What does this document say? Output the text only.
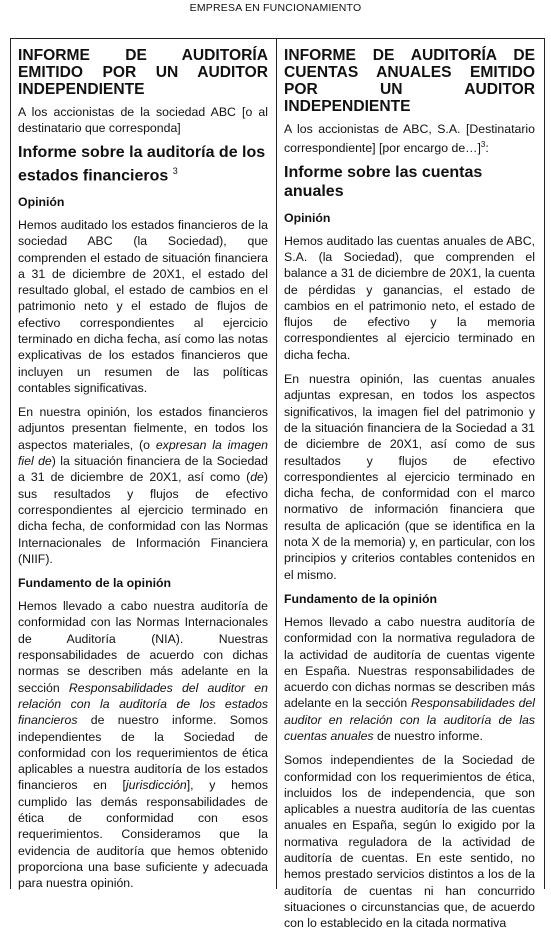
EMPRESA EN FUNCIONAMIENTO
INFORME DE AUDITORÍA EMITIDO POR UN AUDITOR INDEPENDIENTE
A los accionistas de la sociedad ABC [o al destinatario que corresponda]
Informe sobre la auditoría de los estados financieros $^3$
Opinión
Hemos auditado los estados financieros de la sociedad ABC (la Sociedad), que comprenden el estado de situación financiera a 31 de diciembre de 20X1, el estado del resultado global, el estado de cambios en el patrimonio neto y el estado de flujos de efectivo correspondientes al ejercicio terminado en dicha fecha, así como las notas explicativas de los estados financieros que incluyen un resumen de las políticas contables significativas.
En nuestra opinión, los estados financieros adjuntos presentan fielmente, en todos los aspectos materiales, (o expresan la imagen fiel de) la situación financiera de la Sociedad a 31 de diciembre de 20X1, así como (de) sus resultados y flujos de efectivo correspondientes al ejercicio terminado en dicha fecha, de conformidad con las Normas Internacionales de Información Financiera (NIIF).
Fundamento de la opinión
Hemos llevado a cabo nuestra auditoría de conformidad con las Normas Internacionales de Auditoría (NIA). Nuestras responsabilidades de acuerdo con dichas normas se describen más adelante en la sección Responsabilidades del auditor en relación con la auditoría de los estados financieros de nuestro informe. Somos independientes de la Sociedad de conformidad con los requerimientos de ética aplicables a nuestra auditoría de los estados financieros en [jurisdicción], y hemos cumplido las demás responsabilidades de ética de conformidad con esos requerimientos. Consideramos que la evidencia de auditoría que hemos obtenido proporciona una base suficiente y adecuada para nuestra opinión.
INFORME DE AUDITORÍA DE CUENTAS ANUALES EMITIDO POR UN AUDITOR INDEPENDIENTE
A los accionistas de ABC, S.A. [Destinatario correspondiente] [por encargo de…]$^3$:
Informe sobre las cuentas anuales
Opinión
Hemos auditado las cuentas anuales de ABC, S.A. (la Sociedad), que comprenden el balance a 31 de diciembre de 20X1, la cuenta de pérdidas y ganancias, el estado de cambios en el patrimonio neto, el estado de flujos de efectivo y la memoria correspondientes al ejercicio terminado en dicha fecha.
En nuestra opinión, las cuentas anuales adjuntas expresan, en todos los aspectos significativos, la imagen fiel del patrimonio y de la situación financiera de la Sociedad a 31 de diciembre de 20X1, así como de sus resultados y flujos de efectivo correspondientes al ejercicio terminado en dicha fecha, de conformidad con el marco normativo de información financiera que resulta de aplicación (que se identifica en la nota X de la memoria) y, en particular, con los principios y criterios contables contenidos en el mismo.
Fundamento de la opinión
Hemos llevado a cabo nuestra auditoría de conformidad con la normativa reguladora de la actividad de auditoría de cuentas vigente en España. Nuestras responsabilidades de acuerdo con dichas normas se describen más adelante en la sección Responsabilidades del auditor en relación con la auditoría de las cuentas anuales de nuestro informe.
Somos independientes de la Sociedad de conformidad con los requerimientos de ética, incluidos los de independencia, que son aplicables a nuestra auditoría de las cuentas anuales en España, según lo exigido por la normativa reguladora de la actividad de auditoría de cuentas. En este sentido, no hemos prestado servicios distintos a los de la auditoría de cuentas ni han concurrido situaciones o circunstancias que, de acuerdo con lo establecido en la citada normativa
